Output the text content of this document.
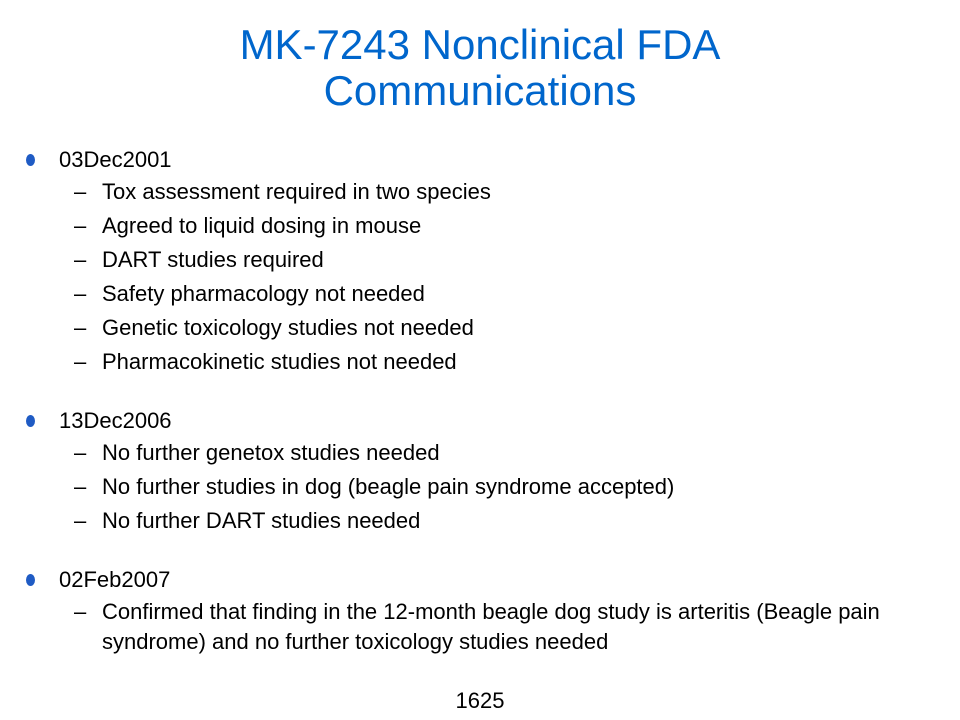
MK-7243 Nonclinical FDA
Communications
03Dec2001
– Tox assessment required in two species
– Agreed to liquid dosing in mouse
– DART studies required
– Safety pharmacology not needed
– Genetic toxicology studies not needed
– Pharmacokinetic studies not needed
13Dec2006
– No further genetox studies needed
– No further studies in dog (beagle pain syndrome accepted)
– No further DART studies needed
02Feb2007
– Confirmed that finding in the 12-month beagle dog study is arteritis (Beagle pain syndrome) and no further toxicology studies needed
1625
